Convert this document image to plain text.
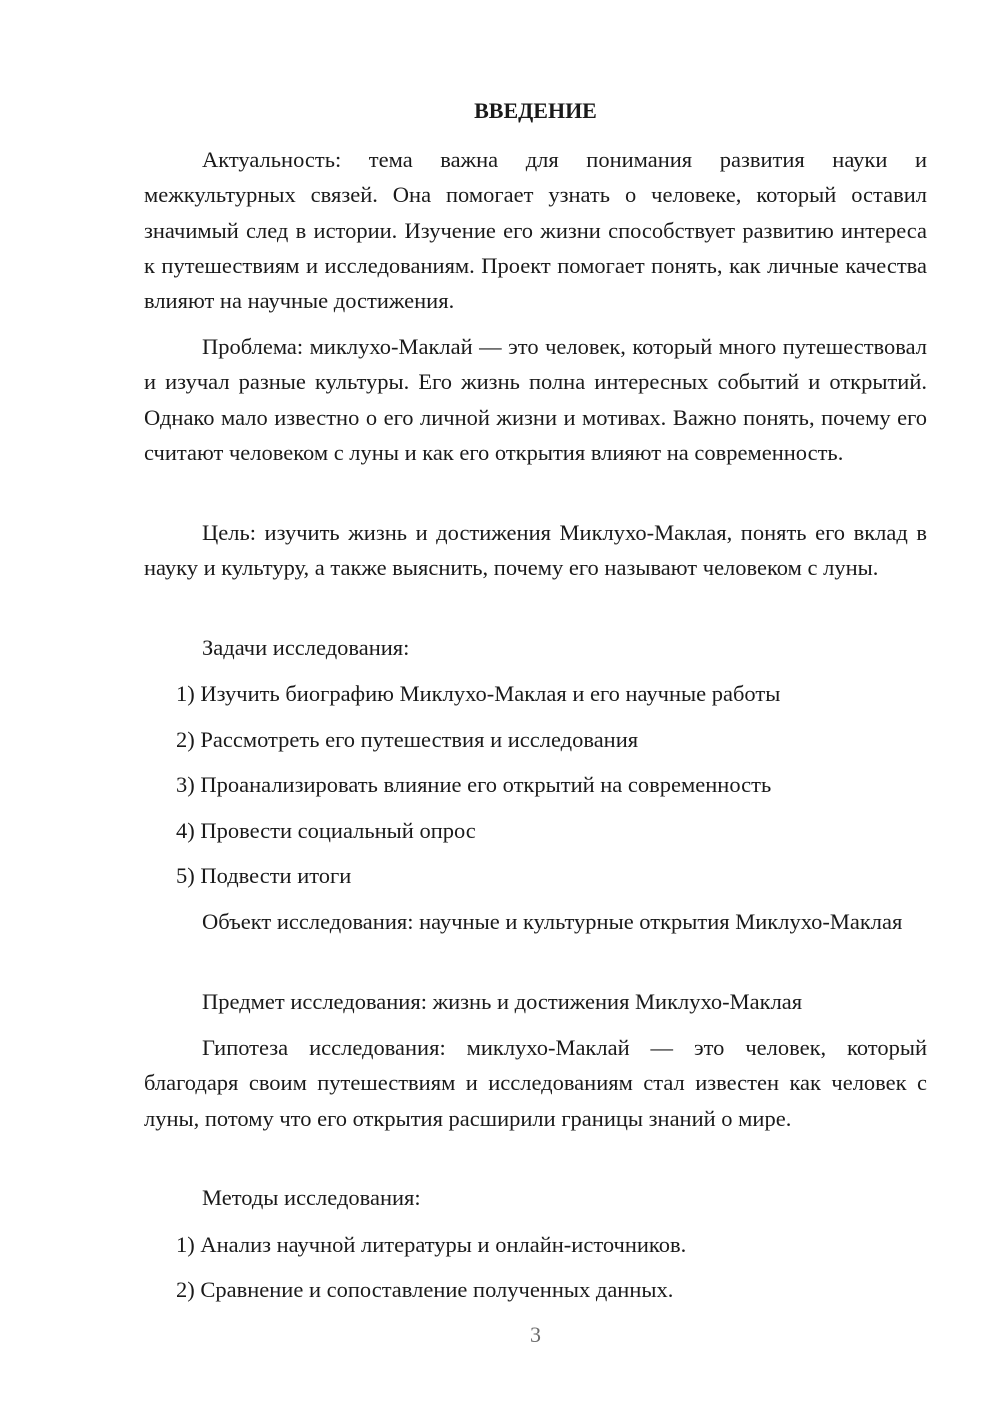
ВВЕДЕНИЕ

Актуальность: тема важна для понимания развития науки и межкультурных связей. Она помогает узнать о человеке, который оставил значимый след в истории. Изучение его жизни способствует развитию интереса к путешествиям и исследованиям. Проект помогает понять, как личные качества влияют на научные достижения.

Проблема: миклухо-Маклай — это человек, который много путешествовал и изучал разные культуры. Его жизнь полна интересных событий и открытий. Однако мало известно о его личной жизни и мотивах. Важно понять, почему его считают человеком с луны и как его открытия влияют на современность.

Цель: изучить жизнь и достижения Миклухо-Маклая, понять его вклад в науку и культуру, а также выяснить, почему его называют человеком с луны.

Задачи исследования:

1) Изучить биографию Миклухо-Маклая и его научные работы

2) Рассмотреть его путешествия и исследования

3) Проанализировать влияние его открытий на современность

4) Провести социальный опрос

5) Подвести итоги

Объект исследования: научные и культурные открытия Миклухо-Маклая

Предмет исследования: жизнь и достижения Миклухо-Маклая

Гипотеза исследования: миклухо-Маклай — это человек, который благодаря своим путешествиям и исследованиям стал известен как человек с луны, потому что его открытия расширили границы знаний о мире.

Методы исследования:

1) Анализ научной литературы и онлайн-источников.

2) Сравнение и сопоставление полученных данных.

3
